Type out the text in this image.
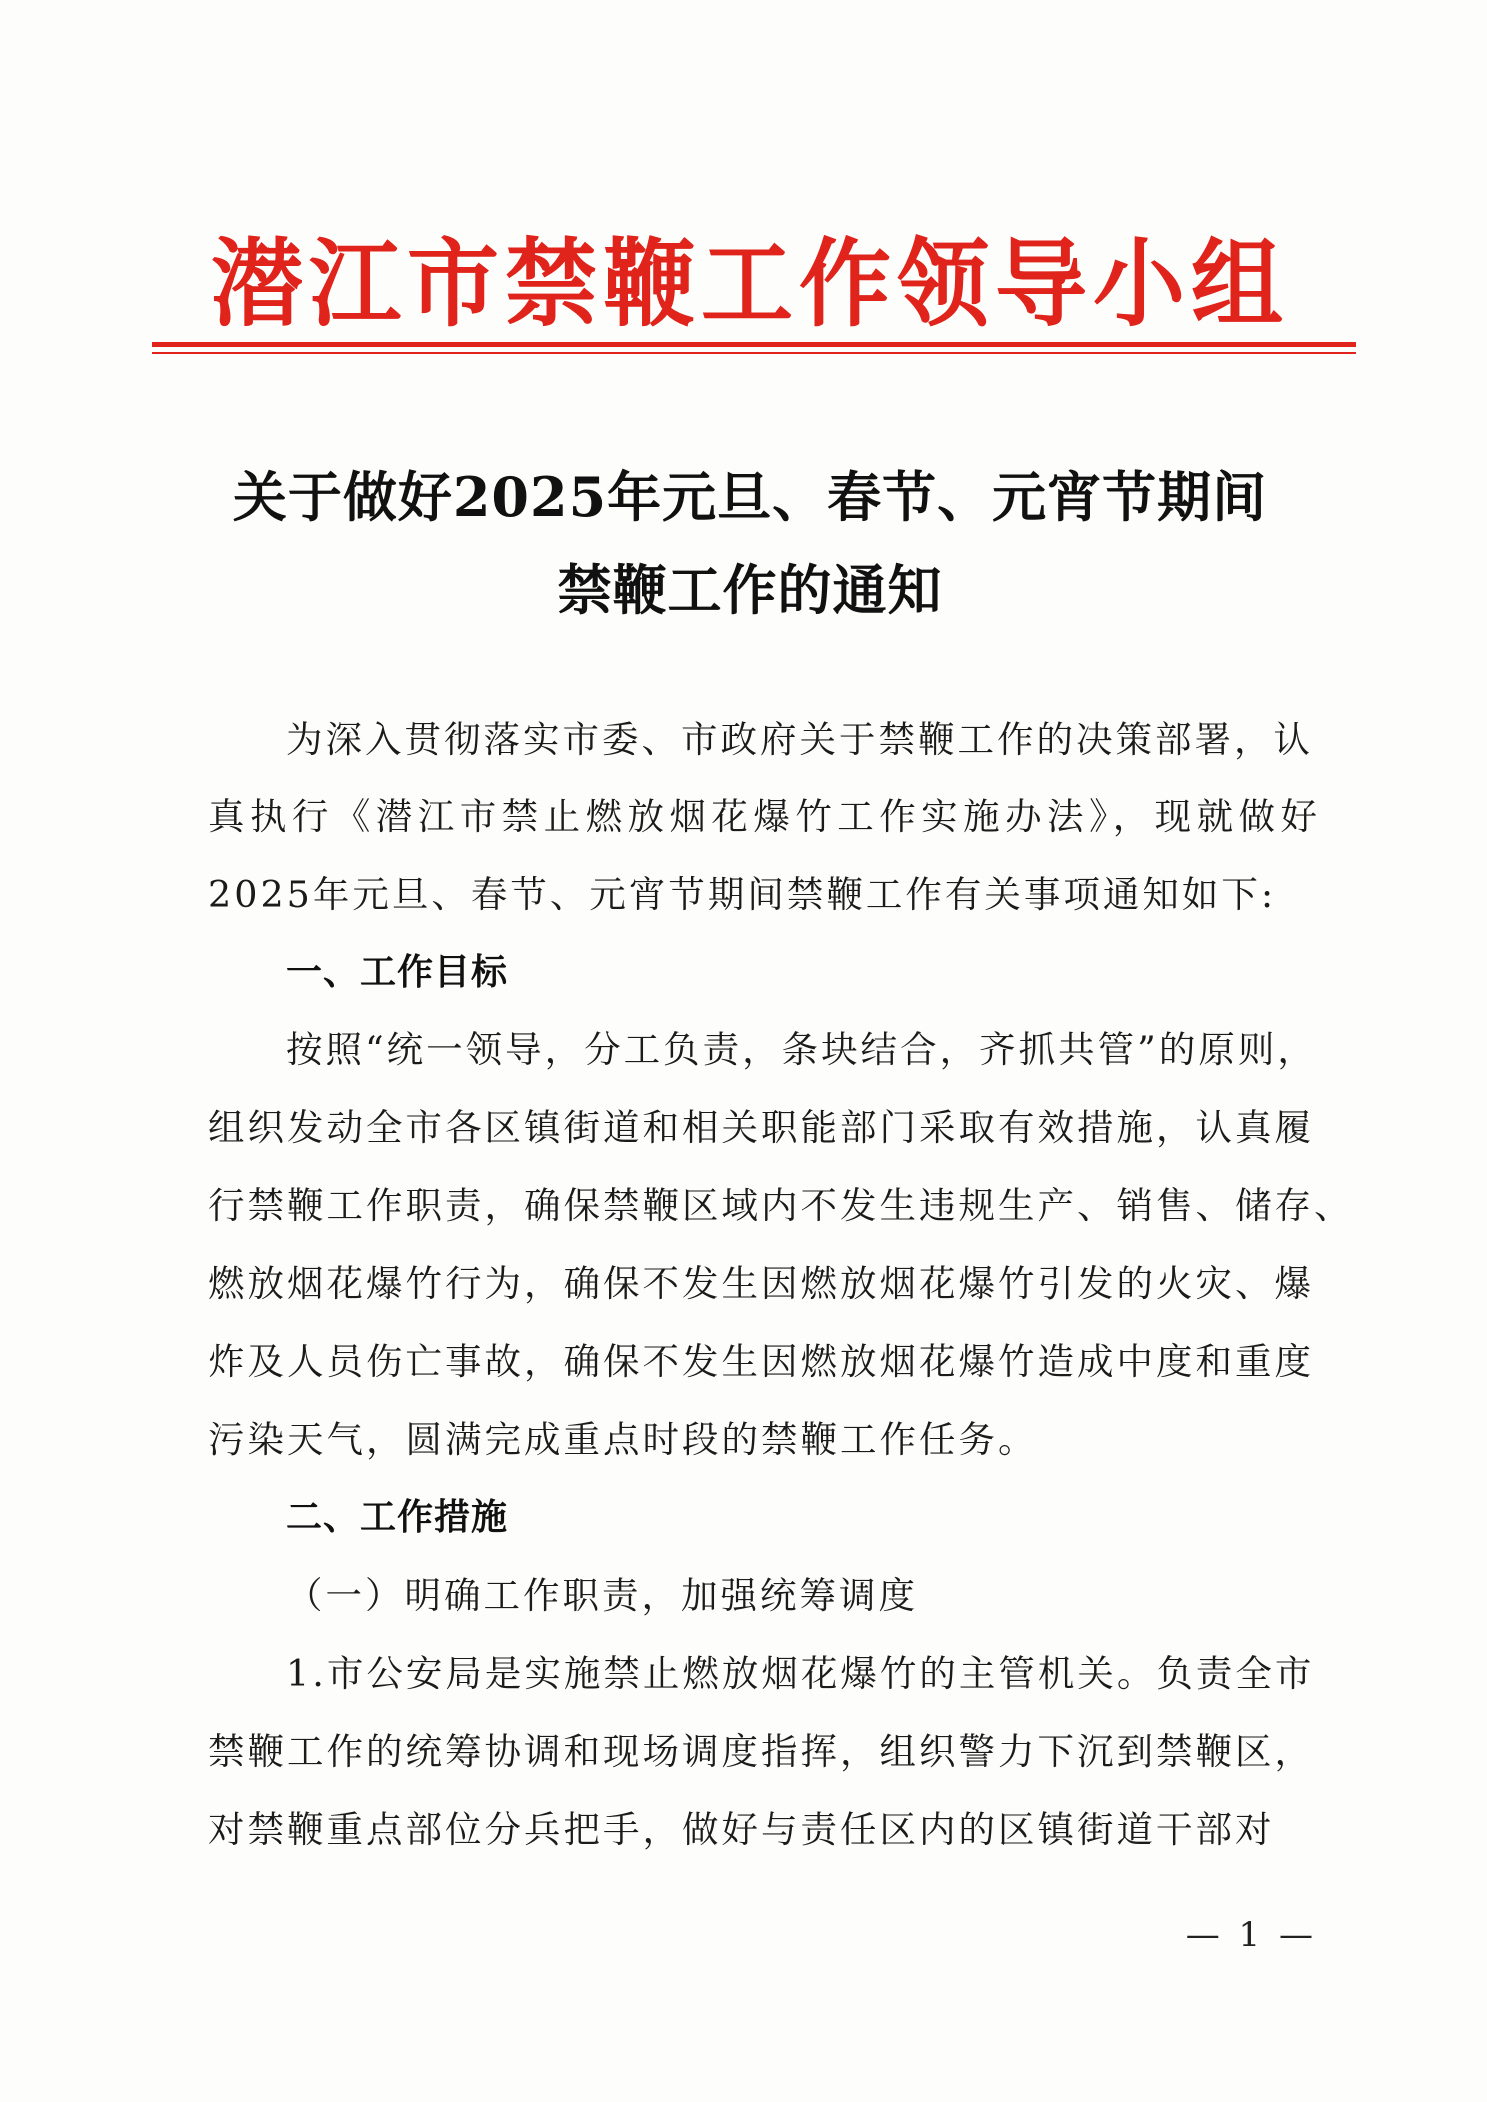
潜江市禁鞭工作领导小组
关于做好2025年元旦、春节、元宵节期间
禁鞭工作的通知
为深入贯彻落实市委、市政府关于禁鞭工作的决策部署，认
真执行《潜江市禁止燃放烟花爆竹工作实施办法》，现就做好
2025年元旦、春节、元宵节期间禁鞭工作有关事项通知如下:
一、工作目标
按照“统一领导，分工负责，条块结合，齐抓共管”的原则，
组织发动全市各区镇街道和相关职能部门采取有效措施，认真履
行禁鞭工作职责，确保禁鞭区域内不发生违规生产、销售、储存、
燃放烟花爆竹行为，确保不发生因燃放烟花爆竹引发的火灾、爆
炸及人员伤亡事故，确保不发生因燃放烟花爆竹造成中度和重度
污染天气，圆满完成重点时段的禁鞭工作任务。
二、工作措施
（一）明确工作职责，加强统筹调度
1.市公安局是实施禁止燃放烟花爆竹的主管机关。负责全市
禁鞭工作的统筹协调和现场调度指挥，组织警力下沉到禁鞭区，
对禁鞭重点部位分兵把手，做好与责任区内的区镇街道干部对
— 1 —
